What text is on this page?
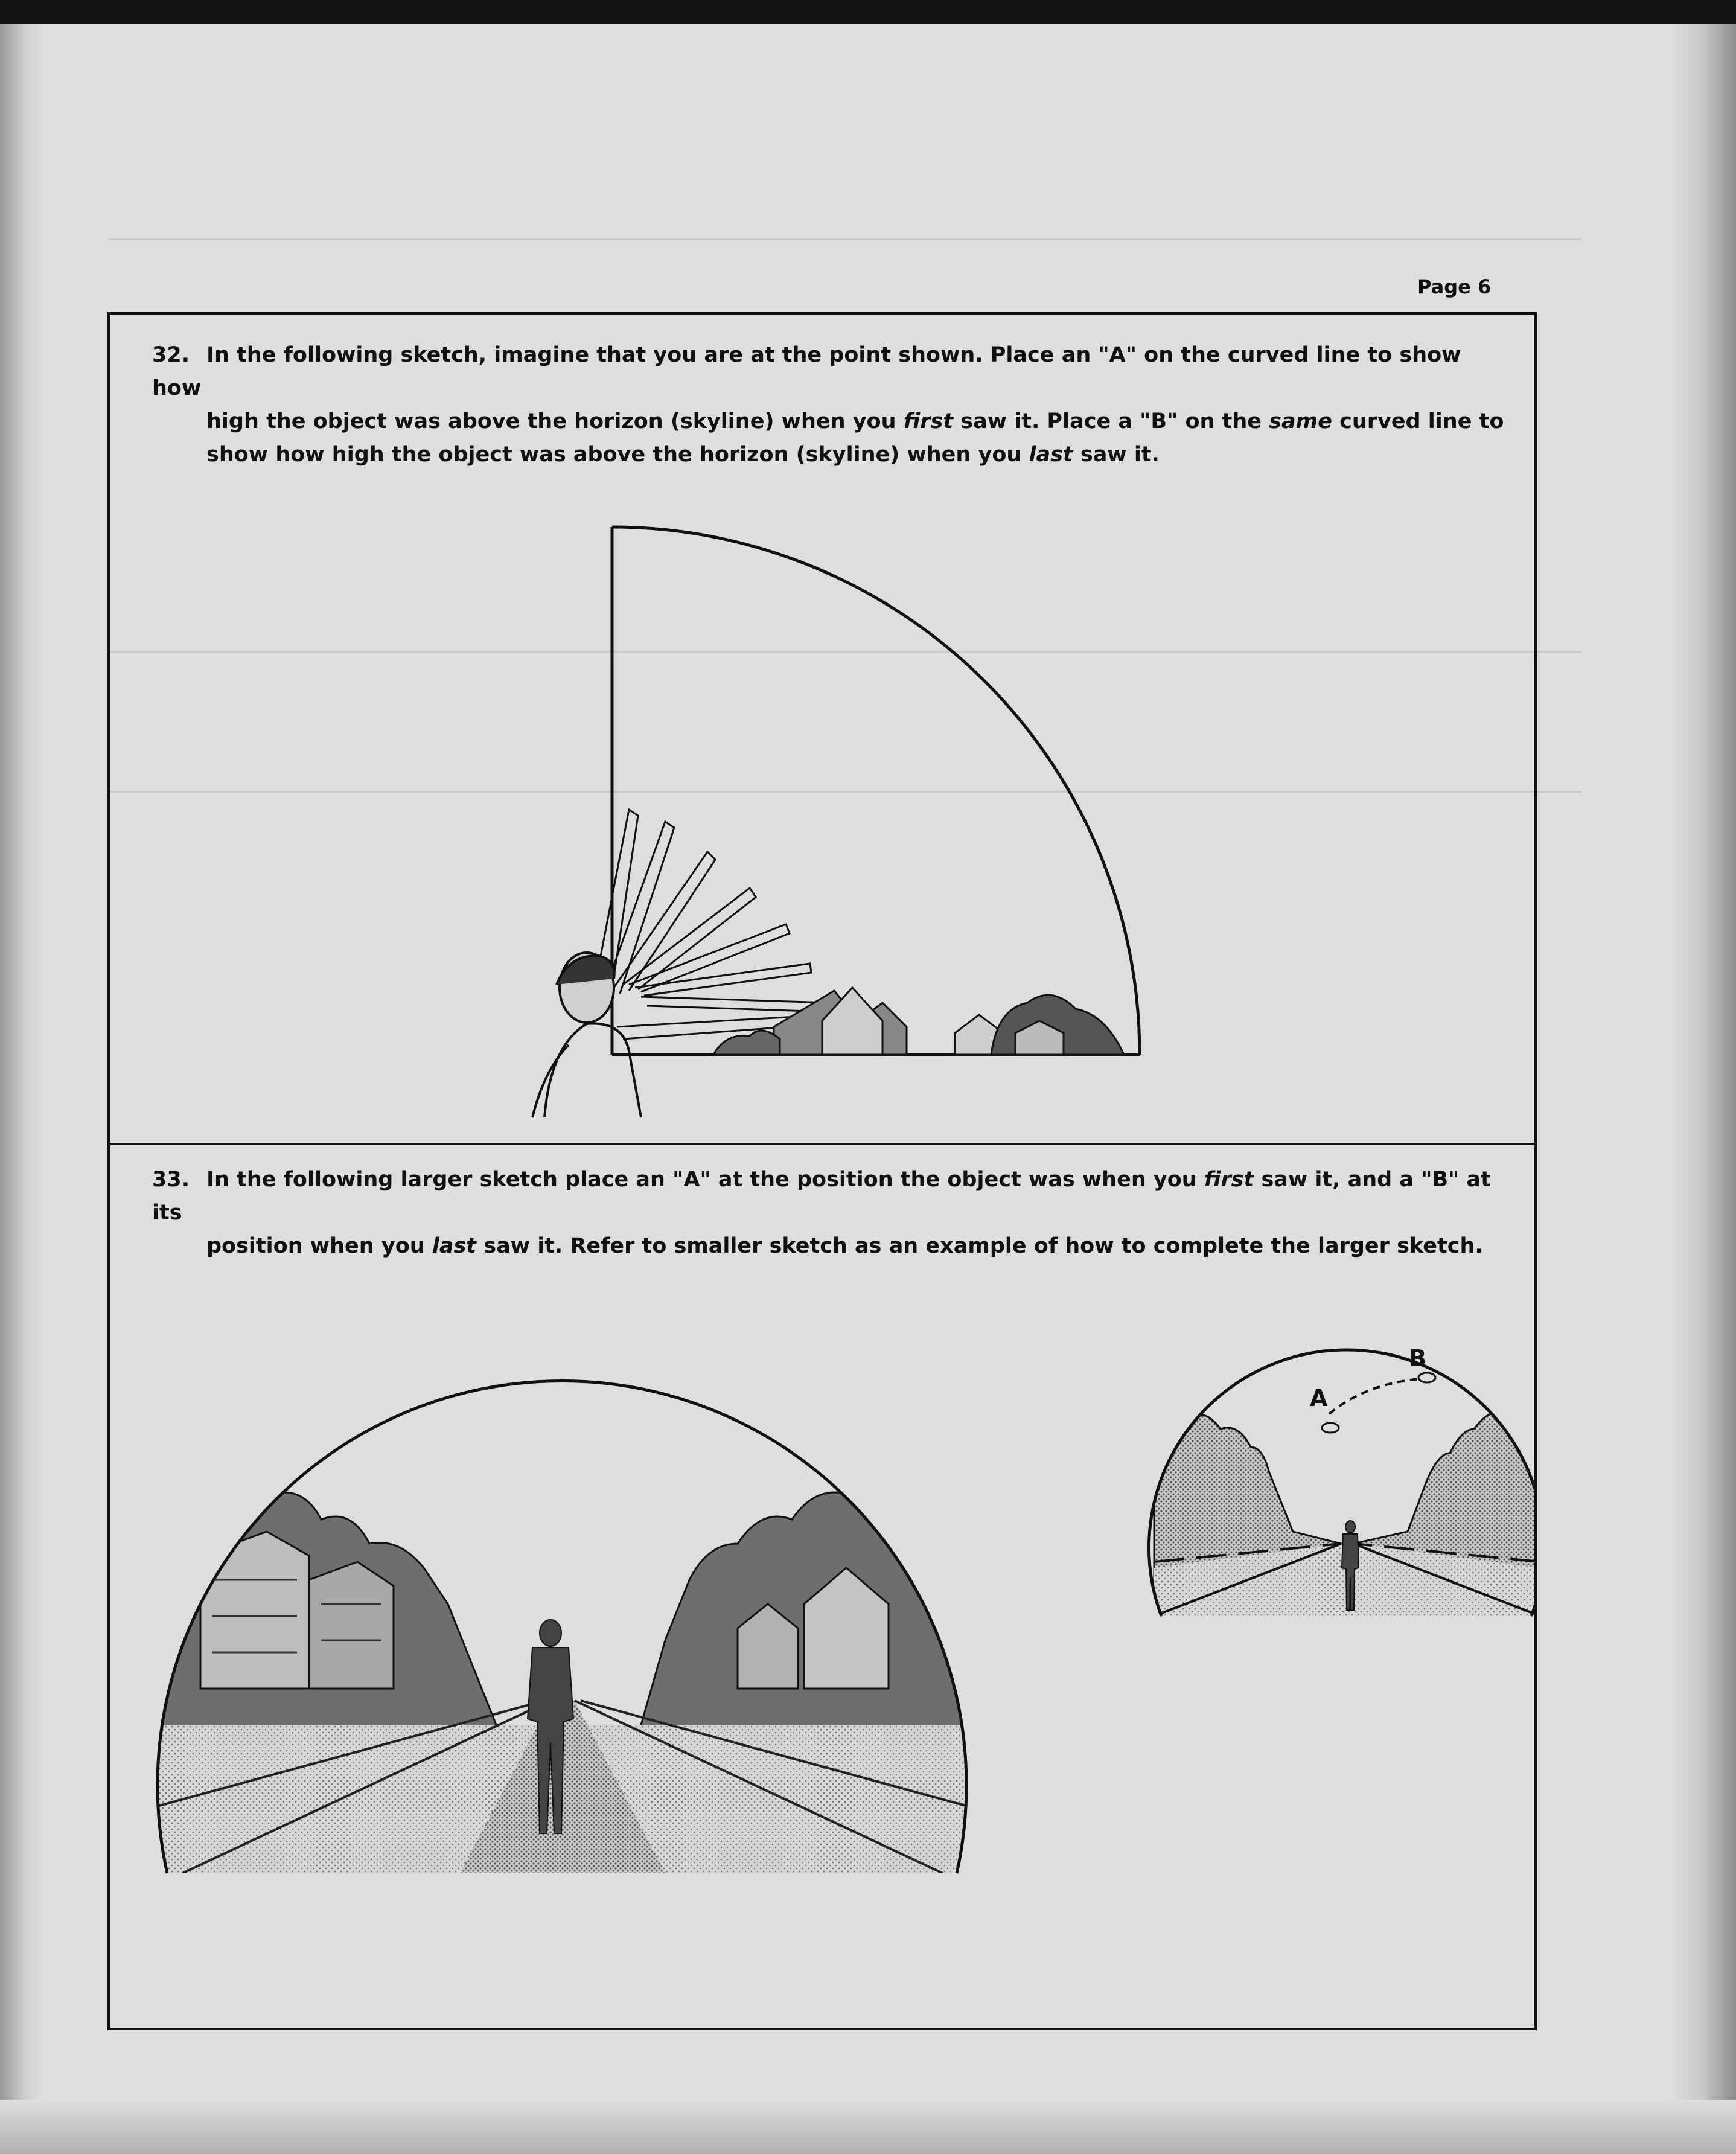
Page 6
32. In the following sketch, imagine that you are at the point shown. Place an "A" on the curved line to show how
high the object was above the horizon (skyline) when you first saw it. Place a "B" on the same curved line to
show how high the object was above the horizon (skyline) when you last saw it.
33. In the following larger sketch place an "A" at the position the object was when you first saw it, and a "B" at its
position when you last saw it. Refer to smaller sketch as an example of how to complete the larger sketch.
A
B
